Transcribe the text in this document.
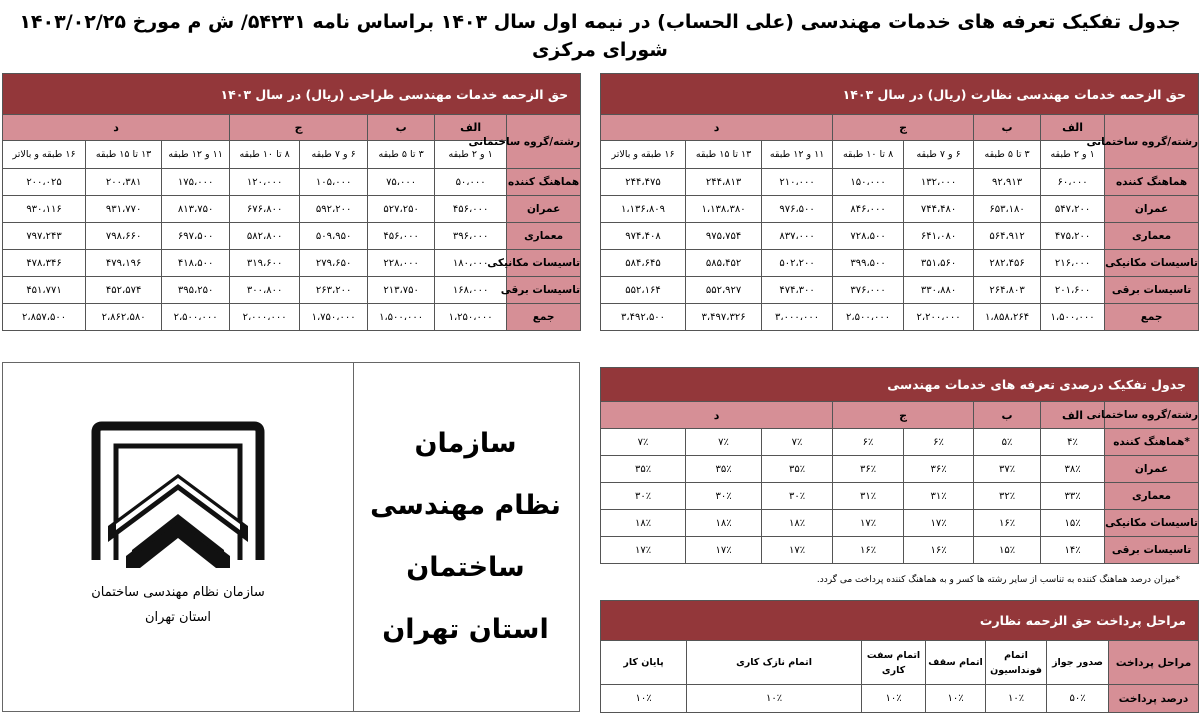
جدول تفکیک تعرفه های خدمات مهندسی (علی الحساب) در نیمه اول سال ۱۴۰۳ براساس نامه ۵۴۲۳۱/ ش م مورخ ۱۴۰۳/۰۲/۲۵ شورای مرکزی
حق الزحمه خدمات مهندسی طراحی (ریال) در سال ۱۴۰۳							
رشته/گروه ساختمانی	الف	ب	ج		د		
	۱ و ۲ طبقه	۳ تا ۵ طبقه	۶ و ۷ طبقه	۸ تا ۱۰ طبقه	۱۱ و ۱۲ طبقه	۱۳ تا ۱۵ طبقه	۱۶ طبقه و بالاتر
هماهنگ کننده	۵۰،۰۰۰	۷۵،۰۰۰	۱۰۵،۰۰۰	۱۲۰،۰۰۰	۱۷۵،۰۰۰	۲۰۰،۳۸۱	۲۰۰،۰۲۵
عمران	۴۵۶،۰۰۰	۵۲۷،۲۵۰	۵۹۲،۲۰۰	۶۷۶،۸۰۰	۸۱۳،۷۵۰	۹۳۱،۷۷۰	۹۳۰،۱۱۶
معماری	۳۹۶،۰۰۰	۴۵۶،۰۰۰	۵۰۹،۹۵۰	۵۸۲،۸۰۰	۶۹۷،۵۰۰	۷۹۸،۶۶۰	۷۹۷،۲۴۳
تاسیسات مکانیکی	۱۸۰،۰۰۰	۲۲۸،۰۰۰	۲۷۹،۶۵۰	۳۱۹،۶۰۰	۴۱۸،۵۰۰	۴۷۹،۱۹۶	۴۷۸،۳۴۶
تاسیسات برقی	۱۶۸،۰۰۰	۲۱۳،۷۵۰	۲۶۳،۲۰۰	۳۰۰،۸۰۰	۳۹۵،۲۵۰	۴۵۲،۵۷۴	۴۵۱،۷۷۱
جمع	۱،۲۵۰،۰۰۰	۱،۵۰۰،۰۰۰	۱،۷۵۰،۰۰۰	۲،۰۰۰،۰۰۰	۲،۵۰۰،۰۰۰	۲،۸۶۲،۵۸۰	۲،۸۵۷،۵۰۰
حق الزحمه خدمات مهندسی نظارت (ریال) در سال ۱۴۰۳							
رشته/گروه ساختمانی	الف	ب	ج		د		
	۱ و ۲ طبقه	۳ تا ۵ طبقه	۶ و ۷ طبقه	۸ تا ۱۰ طبقه	۱۱ و ۱۲ طبقه	۱۳ تا ۱۵ طبقه	۱۶ طبقه و بالاتر
هماهنگ کننده	۶۰،۰۰۰	۹۲،۹۱۳	۱۳۲،۰۰۰	۱۵۰،۰۰۰	۲۱۰،۰۰۰	۲۴۴،۸۱۳	۲۴۴،۴۷۵
عمران	۵۴۷،۲۰۰	۶۵۳،۱۸۰	۷۴۴،۴۸۰	۸۴۶،۰۰۰	۹۷۶،۵۰۰	۱،۱۳۸،۳۸۰	۱،۱۳۶،۸۰۹
معماری	۴۷۵،۲۰۰	۵۶۴،۹۱۲	۶۴۱،۰۸۰	۷۲۸،۵۰۰	۸۳۷،۰۰۰	۹۷۵،۷۵۴	۹۷۴،۴۰۸
تاسیسات مکانیکی	۲۱۶،۰۰۰	۲۸۲،۴۵۶	۳۵۱،۵۶۰	۳۹۹،۵۰۰	۵۰۲،۲۰۰	۵۸۵،۴۵۲	۵۸۴،۶۴۵
تاسیسات برقی	۲۰۱،۶۰۰	۲۶۴،۸۰۳	۳۳۰،۸۸۰	۳۷۶،۰۰۰	۴۷۴،۳۰۰	۵۵۲،۹۲۷	۵۵۲،۱۶۴
جمع	۱،۵۰۰،۰۰۰	۱،۸۵۸،۲۶۴	۲،۲۰۰،۰۰۰	۲،۵۰۰،۰۰۰	۳،۰۰۰،۰۰۰	۳،۴۹۷،۳۲۶	۳،۴۹۲،۵۰۰
جدول تفکیک درصدی تعرفه های خدمات مهندسی							
رشته/گروه ساختمانی	الف	ب	ج		د		
*هماهنگ کننده	۴٪	۵٪	۶٪	۶٪	۷٪	۷٪	۷٪
عمران	۳۸٪	۳۷٪	۳۶٪	۳۶٪	۳۵٪	۳۵٪	۳۵٪
معماری	۳۳٪	۳۲٪	۳۱٪	۳۱٪	۳۰٪	۳۰٪	۳۰٪
تاسیسات مکانیکی	۱۵٪	۱۶٪	۱۷٪	۱۷٪	۱۸٪	۱۸٪	۱۸٪
تاسیسات برقی	۱۴٪	۱۵٪	۱۶٪	۱۶٪	۱۷٪	۱۷٪	۱۷٪
*میزان درصد هماهنگ کننده به تناسب از سایر رشته ها کسر و به هماهنگ کننده پرداخت می گردد.
مراحل پرداخت حق الزحمه نظارت						
مراحل پرداخت	صدور جواز	اتمام فونداسیون	اتمام سقف	اتمام سفت کاری	اتمام نازک کاری	پایان کار
درصد پرداخت	۵۰٪	۱۰٪	۱۰٪	۱۰٪	۱۰٪	۱۰٪
سازمان
نظام مهندسی ساختمان
استان تهران
سازمان نظام مهندسی ساختمان
استان تهران
